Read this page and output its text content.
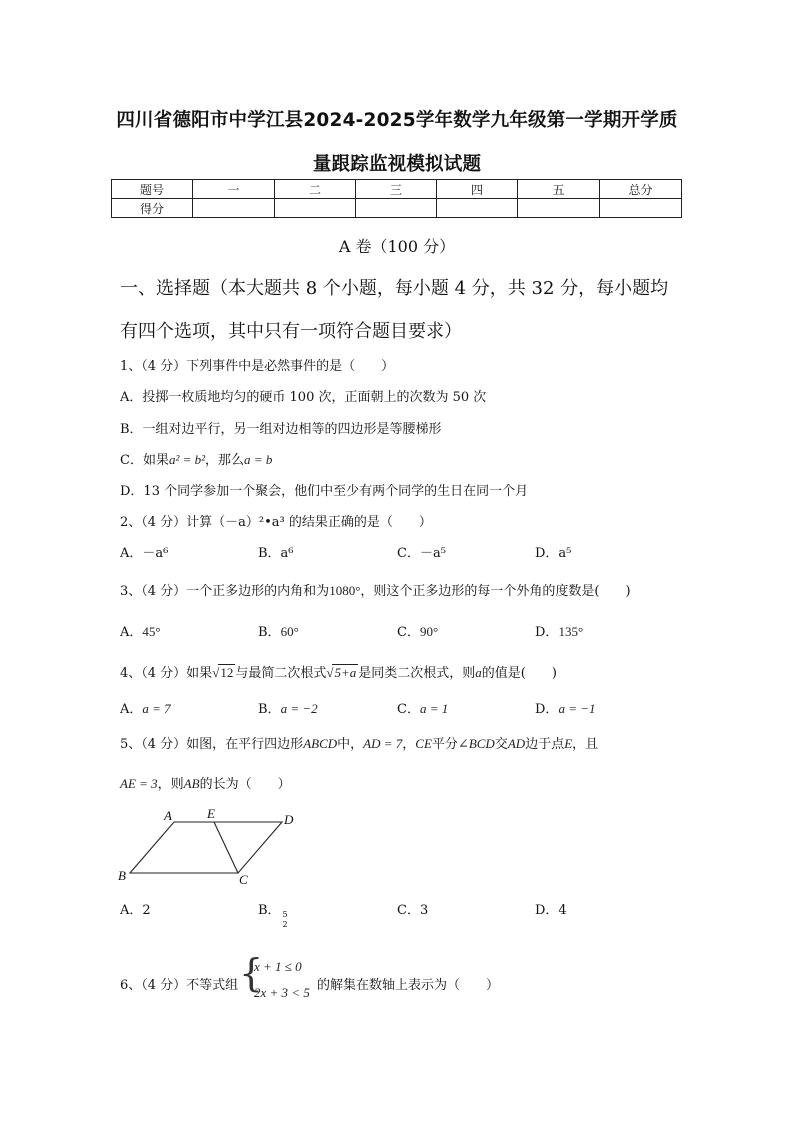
四川省德阳市中学江县2024-2025学年数学九年级第一学期开学质
量跟踪监视模拟试题
题号	一	二	三	四	五	总分
得分						
A 卷（100 分）
一、选择题（本大题共 8 个小题，每小题 4 分，共 32 分，每小题均
有四个选项，其中只有一项符合题目要求）
1、（4 分）下列事件中是必然事件的是（　　）
A．投掷一枚质地均匀的硬币 100 次，正面朝上的次数为 50 次
B．一组对边平行，另一组对边相等的四边形是等腰梯形
C．如果a² = b²，那么a = b
D．13 个同学参加一个聚会，他们中至少有两个同学的生日在同一个月
2、（4 分）计算（－a）²•a³ 的结果正确的是（　　）
A．－a⁶	B．a⁶	C．－a⁵	D．a⁵
3、（4 分）一个正多边形的内角和为1080°，则这个正多边形的每一个外角的度数是(　　)
A．45°	B．60°	C．90°	D．135°
4、（4 分）如果√12 与最简二次根式√5+a 是同类二次根式，则a的值是(　　)
A．a = 7	B．a = −2	C．a = 1	D．a = −1
5、（4 分）如图，在平行四边形ABCD中，AD = 7，CE平分∠BCD交AD边于点E，且
AE = 3，则AB的长为（　　）
A	E	D
B	C
A．2	B． 5
2
C．3	D．4
6、（4 分）不等式组 {
x + 1 ≤ 0
2x + 3 < 5 的解集在数轴上表示为（　　）
